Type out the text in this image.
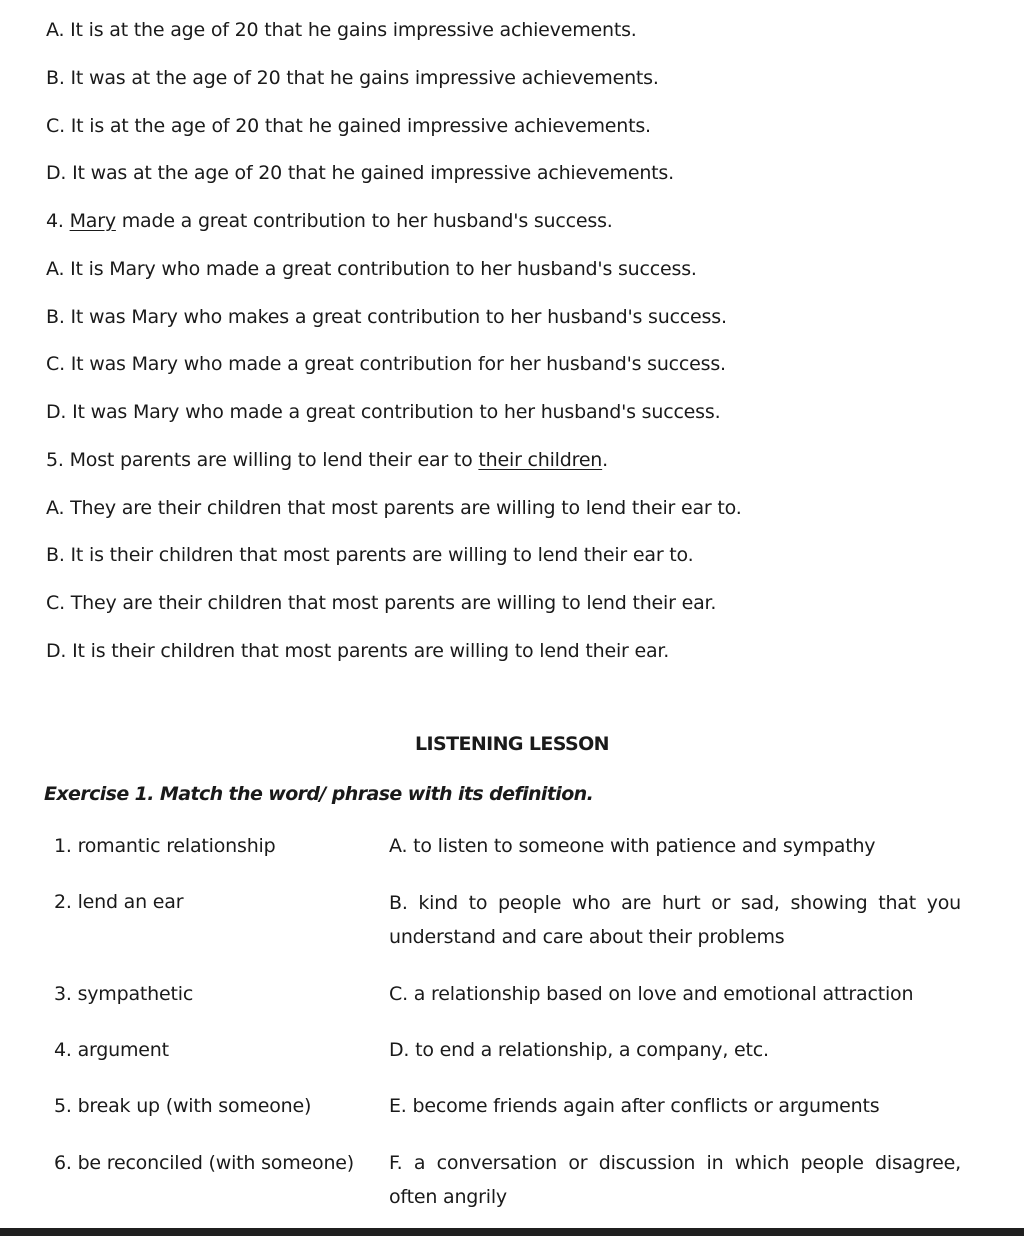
A. It is at the age of 20 that he gains impressive achievements.
B. It was at the age of 20 that he gains impressive achievements.
C. It is at the age of 20 that he gained impressive achievements.
D. It was at the age of 20 that he gained impressive achievements.
4. Mary made a great contribution to her husband's success.
A. It is Mary who made a great contribution to her husband's success.
B. It was Mary who makes a great contribution to her husband's success.
C. It was Mary who made a great contribution for her husband's success.
D. It was Mary who made a great contribution to her husband's success.
5. Most parents are willing to lend their ear to their children.
A. They are their children that most parents are willing to lend their ear to.
B. It is their children that most parents are willing to lend their ear to.
C. They are their children that most parents are willing to lend their ear.
D. It is their children that most parents are willing to lend their ear.
LISTENING LESSON
Exercise 1. Match the word/ phrase with its definition.
1. romantic relationship
2. lend an ear
3. sympathetic
4. argument
5. break up (with someone)
6. be reconciled (with someone)
A. to listen to someone with patience and sympathy
B. kind to people who are hurt or sad, showing that you understand and care about their problems
C. a relationship based on love and emotional attraction
D. to end a relationship, a company, etc.
E. become friends again after conflicts or arguments
F. a conversation or discussion in which people disagree, often angrily
